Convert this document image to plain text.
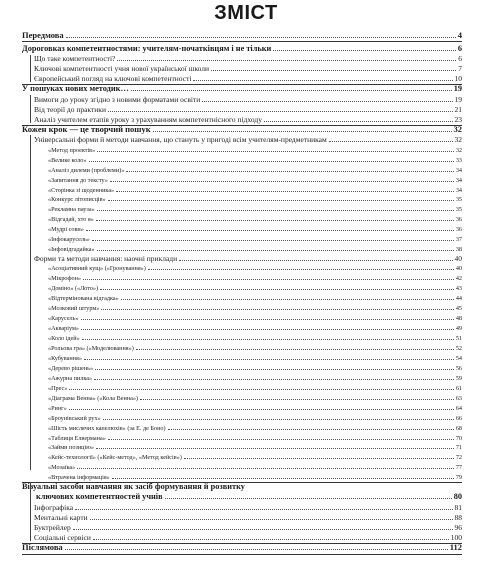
ЗМІСТ
Передмова	4
Дороговказ компетентностями: учителям-початківцям і не тільки	6
Що таке компетентності?	6
Ключові компетентності учня нової української школи	7
Європейський погляд на ключові компетентності	10
У пошуках нових методик…	19
Вимоги до уроку згідно з новими форматами освіти	19
Від теорії до практики	21
Аналіз учителем етапів уроку з урахуванням компетентнісного підходу	23
Кожен крок — це творчий пошук	32
Універсальні форми й методи навчання, що стануть у пригоді всім учителям-предметникам	32
«Метод проектів»	32
«Велике коло»	33
«Аналіз дилеми (проблеми)»	34
«Запитання до тексту»	34
«Сторінка зі щоденника»	34
«Конкурс літописців»	35
«Рекламна пауза»	35
«Відгадай, хто я»	36
«Мудрі сови»	36
«Інфокарусель»	37
«Інфовідгадайка»	38
Форми та методи навчання: наочні приклади	40
«Асоціативний кущ» («Гронування»)	40
«Мікрофон»	42
«Доміно» («Лото»)	43
«Відтермінована відгадка»	44
«Мозковий штурм»	45
«Карусель»	48
«Акваріум»	49
«Коло ідей»	51
«Рольова гра» («Моделювання»)	52
«Кубування»	54
«Дерево рішень»	56
«Ажурна пилка»	59
«Прес»	61
«Діаграма Венна» («Кола Венна»)	63
«Ринг»	64
«Броунівський рух»	66
«Шість мислячих капелюхів» (за Е. де Боно)	68
«Таблиця Елвермана»	70
«Займи позицію»	71
«Кейс-технології» («Кейс-метод», «Метод кейсів»)	72
«Мозаїка»	77
«Втрачена інформація»	79
Візуальні засоби навчання як засіб формування й розвитку
ключових компетентностей учнів	80
Інфографіка	81
Ментальні карти	88
Буктрейлер	96
Соціальні сервіси	100
Післямова	112
